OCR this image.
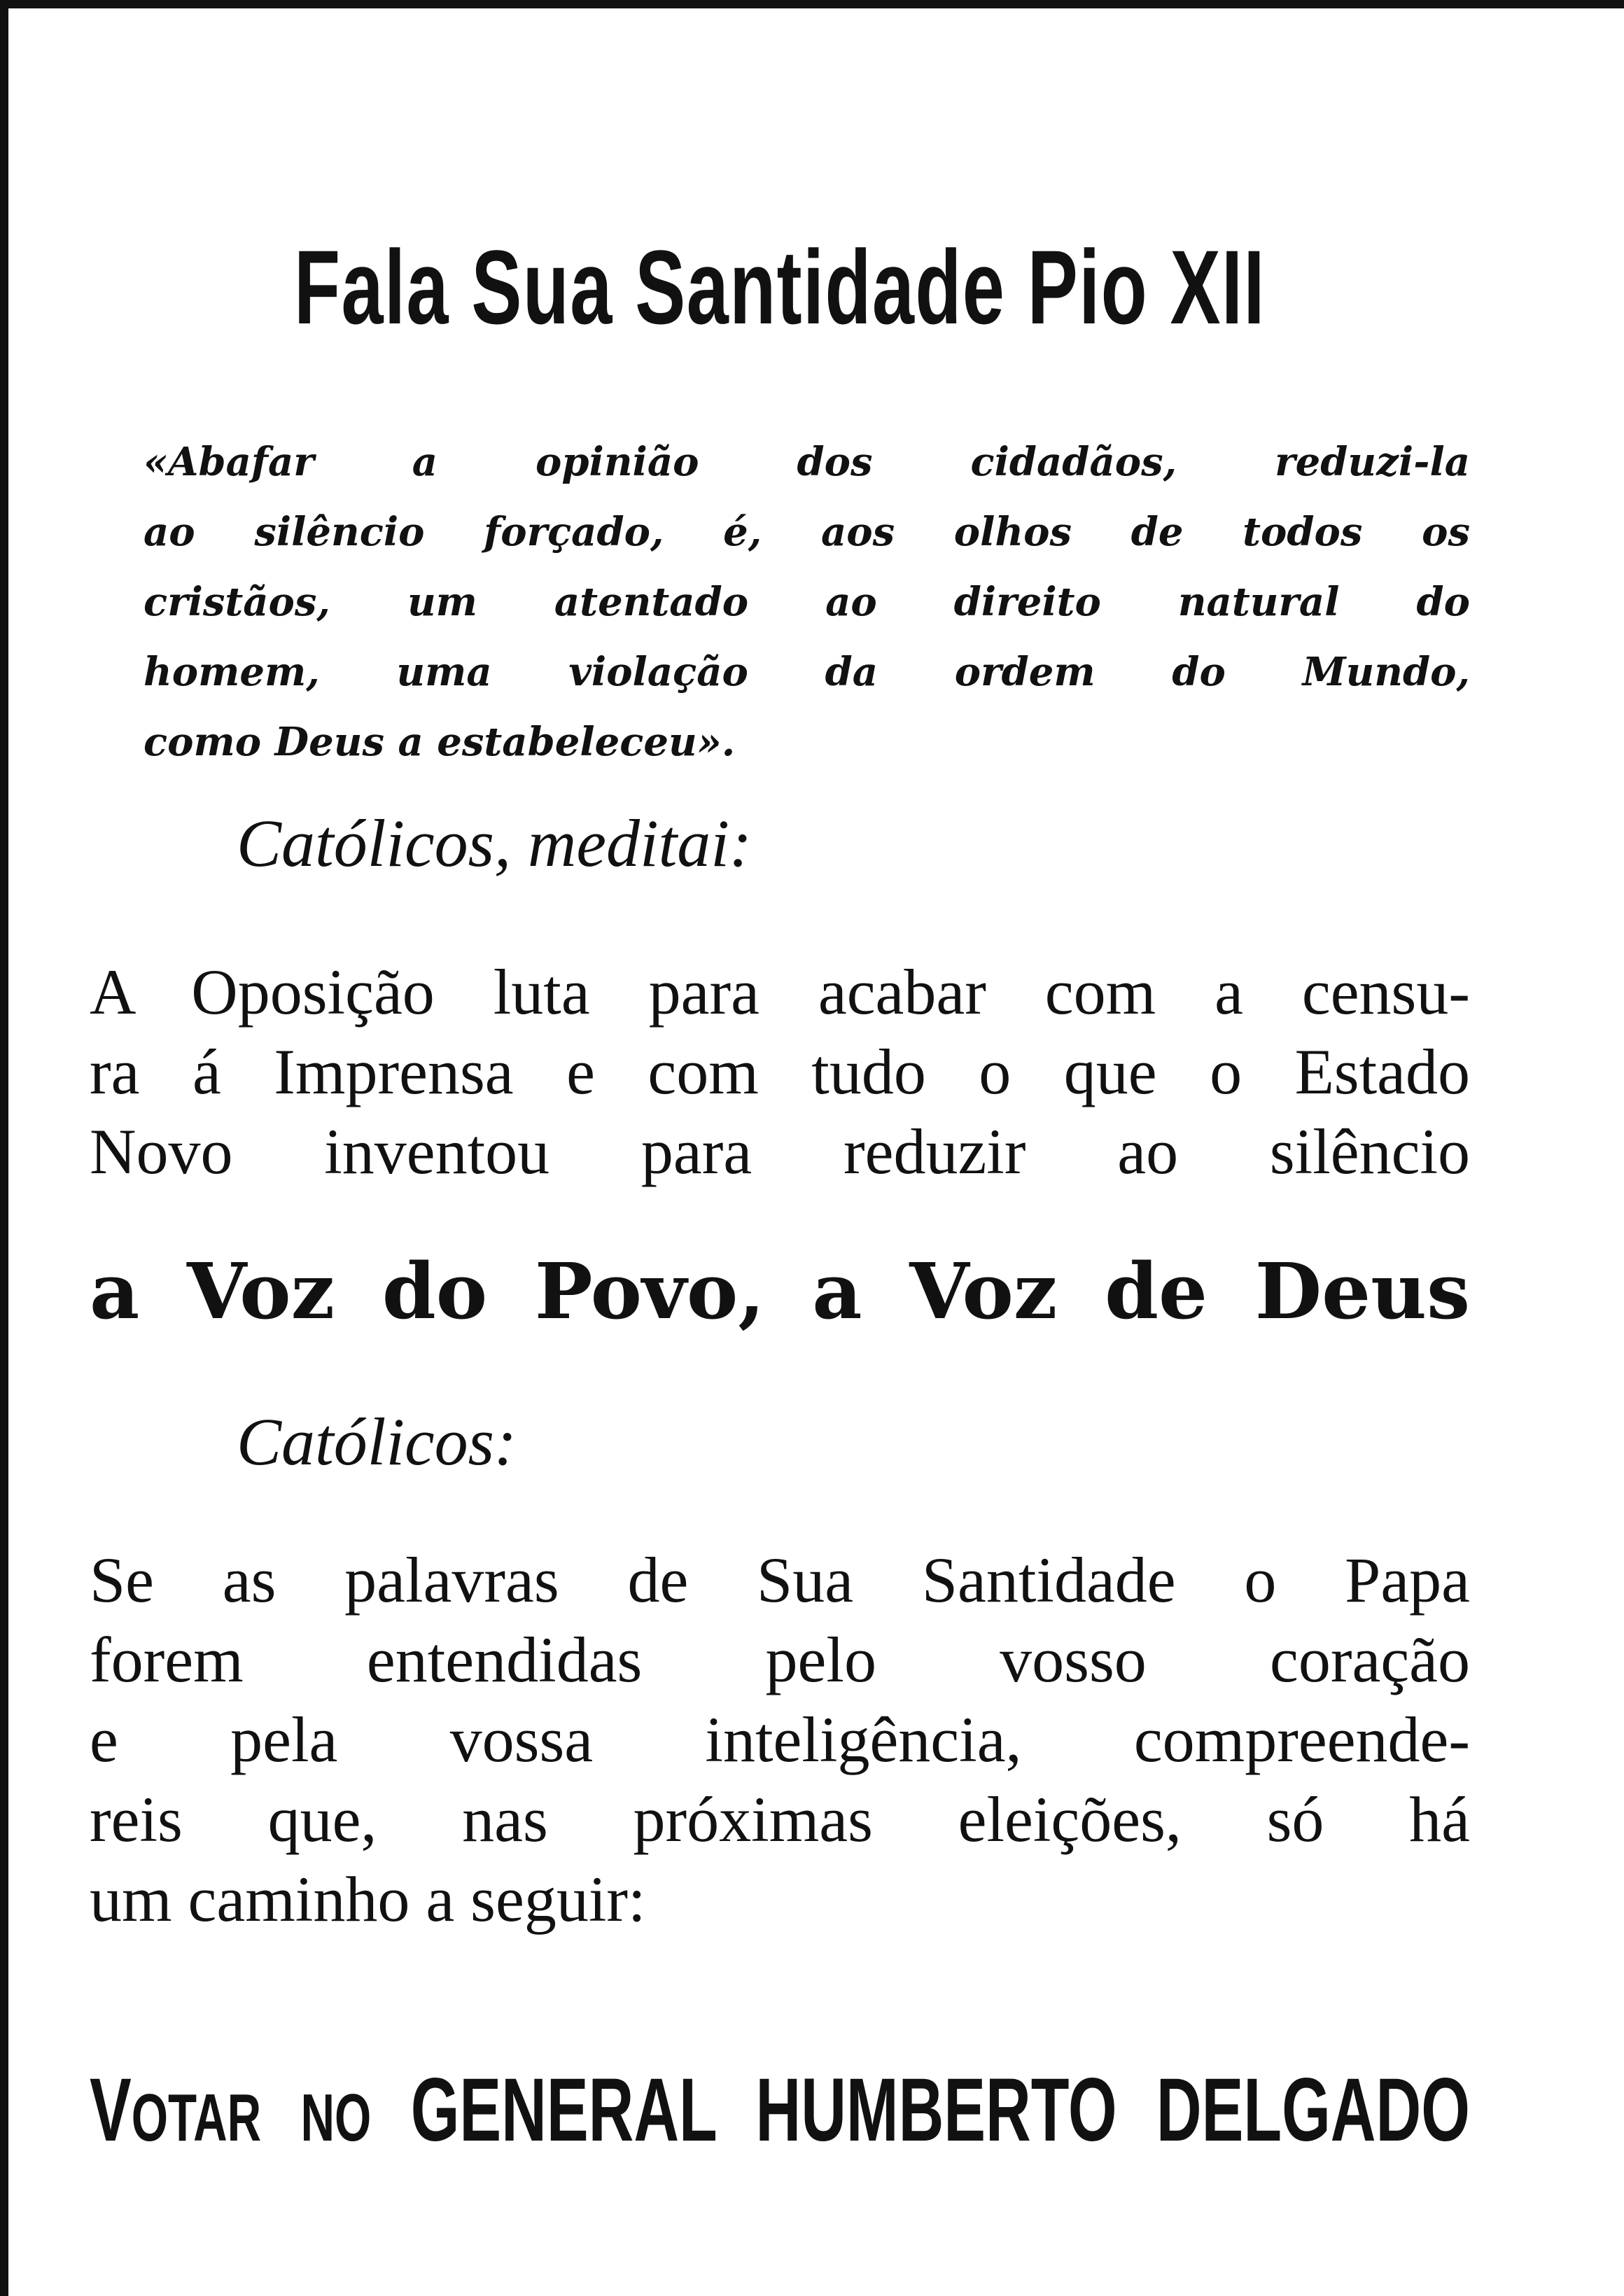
Fala Sua Santidade Pio XII
«Abafar a opinião dos cidadãos, reduzi-la
ao silêncio forçado, é, aos olhos de todos os
cristãos, um atentado ao direito natural do
homem, uma violação da ordem do Mundo,
como Deus a estabeleceu».
Católicos, meditai:
A Oposição luta para acabar com a censu-
ra á Imprensa e com tudo o que o Estado
Novo inventou para reduzir ao silêncio
a Voz do Povo, a Voz de Deus
Católicos:
Se as palavras de Sua Santidade o Papa
forem entendidas pelo vosso coração
e pela vossa inteligência, compreende-
reis que, nas próximas eleições, só há
um caminho a seguir:
VOTAR NO GENERAL HUMBERTO DELGADO
